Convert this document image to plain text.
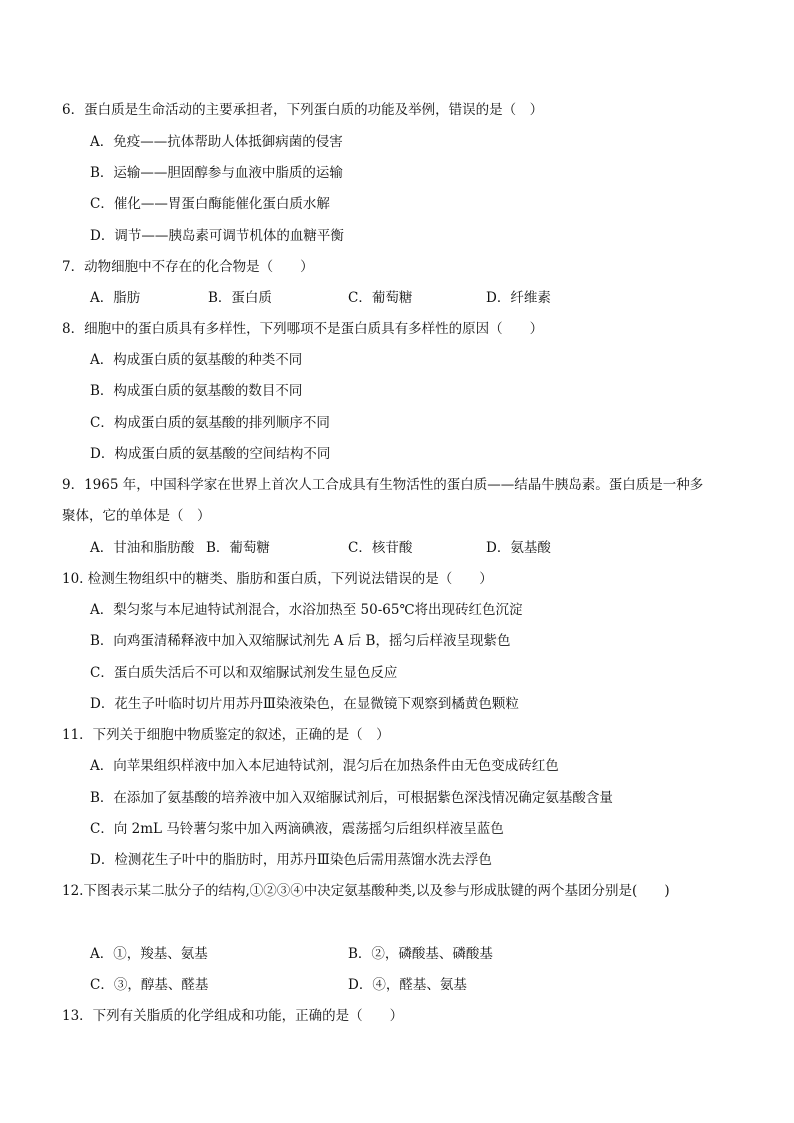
6．蛋白质是生命活动的主要承担者，下列蛋白质的功能及举例，错误的是（　）
A．免疫——抗体帮助人体抵御病菌的侵害
B．运输——胆固醇参与血液中脂质的运输
C．催化——胃蛋白酶能催化蛋白质水解
D．调节——胰岛素可调节机体的血糖平衡
7．动物细胞中不存在的化合物是（　　）
A．脂肪	B．蛋白质	C．葡萄糖	D．纤维素
8．细胞中的蛋白质具有多样性，下列哪项不是蛋白质具有多样性的原因（　　）
A．构成蛋白质的氨基酸的种类不同
B．构成蛋白质的氨基酸的数目不同
C．构成蛋白质的氨基酸的排列顺序不同
D．构成蛋白质的氨基酸的空间结构不同
9．1965 年，中国科学家在世界上首次人工合成具有生物活性的蛋白质——结晶牛胰岛素。蛋白质是一种多
聚体，它的单体是（　）
A．甘油和脂肪酸 B．葡萄糖	C．核苷酸	D．氨基酸
10. 检测生物组织中的糖类、脂肪和蛋白质，下列说法错误的是（　　）
A．梨匀浆与本尼迪特试剂混合，水浴加热至 50-65℃将出现砖红色沉淀
B．向鸡蛋清稀释液中加入双缩脲试剂先 A 后 B，摇匀后样液呈现紫色
C．蛋白质失活后不可以和双缩脲试剂发生显色反应
D．花生子叶临时切片用苏丹Ⅲ染液染色，在显微镜下观察到橘黄色颗粒
11．下列关于细胞中物质鉴定的叙述，正确的是（　）
A．向苹果组织样液中加入本尼迪特试剂，混匀后在加热条件由无色变成砖红色
B．在添加了氨基酸的培养液中加入双缩脲试剂后，可根据紫色深浅情况确定氨基酸含量
C．向 2mL 马铃薯匀浆中加入两滴碘液，震荡摇匀后组织样液呈蓝色
D．检测花生子叶中的脂肪时，用苏丹Ⅲ染色后需用蒸馏水洗去浮色
12.下图表示某二肽分子的结构,①②③④中决定氨基酸种类,以及参与形成肽键的两个基团分别是(　　)
A．①，羧基、氨基	B．②，磷酸基、磷酸基
C．③，醇基、醛基	D．④，醛基、氨基
13．下列有关脂质的化学组成和功能，正确的是（　　）
